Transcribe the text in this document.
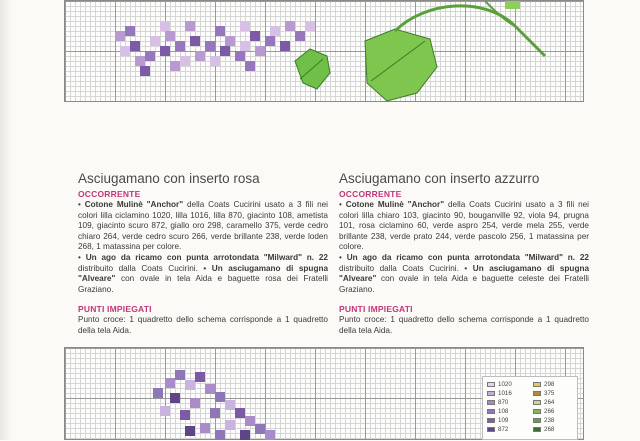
Asciugamano con inserto rosa
OCCORRENTE
• Cotone Mulinè "Anchor" della Coats Cucirini usato a 3 fili nei colori lilla ciclamino 1020, lilla 1016, lilla 870, giacinto 108, ametista 109, giacinto scuro 872, giallo oro 298, caramello 375, verde cedro chiaro 264, verde cedro scuro 266, verde brillante 238, verde loden 268, 1 matassina per colore.
• Un ago da ricamo con punta arrotondata "Milward" n. 22 distribuito dalla Coats Cucirini. • Un asciugamano di spugna "Alveare" con ovale in tela Aida e baguette rosa dei Fratelli Graziano.
PUNTI IMPIEGATI
Punto croce: 1 quadretto dello schema corrisponde a 1 quadretto della tela Aida.
Asciugamano con inserto azzurro
OCCORRENTE
• Cotone Mulinè "Anchor" della Coats Cucirini usato a 3 fili nei colori lilla chiaro 103, giacinto 90, bouganville 92, viola 94, prugna 101, rosa ciclamino 60, verde aspro 254, verde mela 255, verde brillante 238, verde prato 244, verde pascolo 256, 1 matassina per colore.
• Un ago da ricamo con punta arrotondata "Milward" n. 22 distribuito dalla Coats Cucirini. • Un asciugamano di spugna "Alveare" con ovale in tela Aida e baguette celeste dei Fratelli Graziano.
PUNTI IMPIEGATI
Punto croce: 1 quadretto dello schema corrisponde a 1 quadretto della tela Aida.
1020
1016
870
108
109
872
298
375
264
266
238
268
